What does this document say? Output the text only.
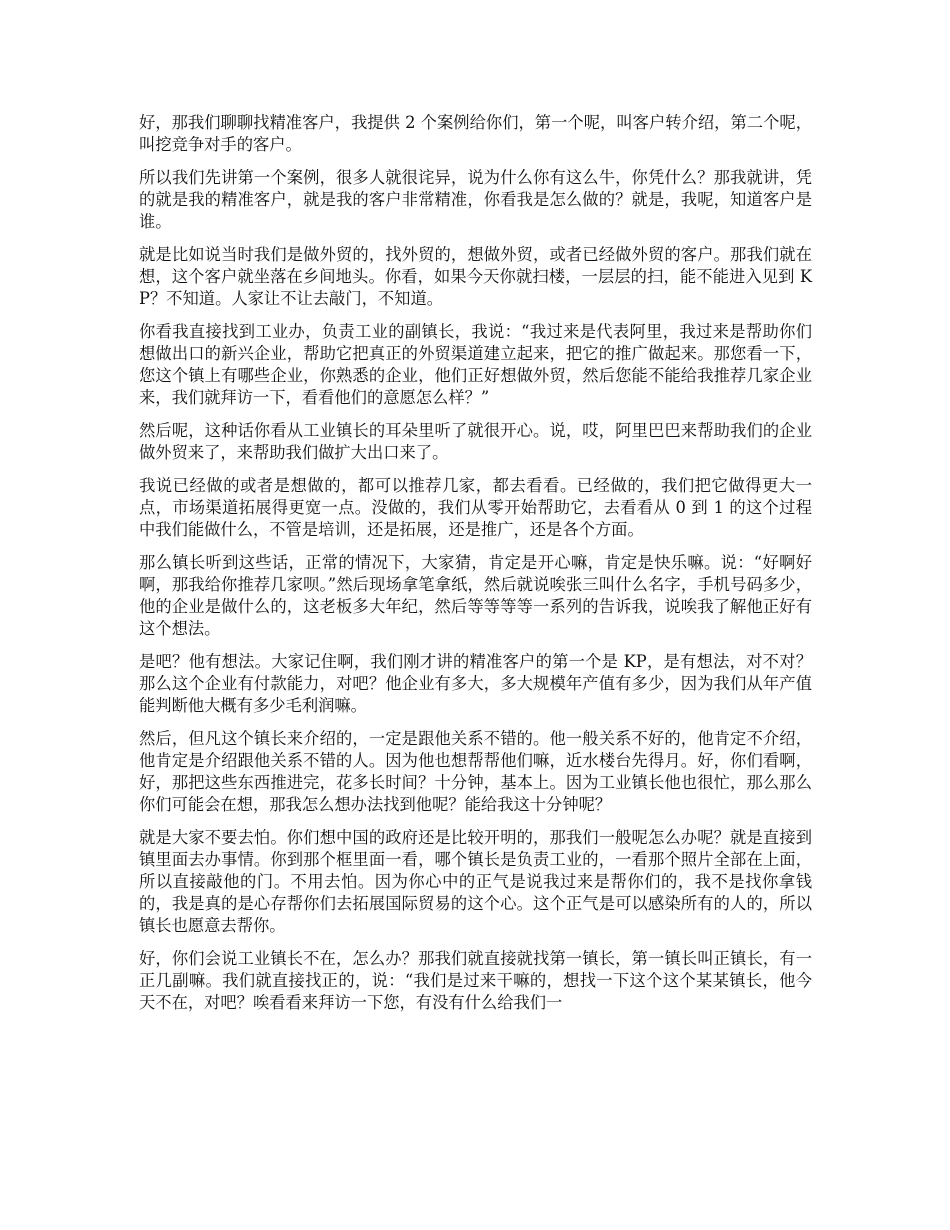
好，那我们聊聊找精准客户，我提供 2 个案例给你们，第一个呢，叫客户转介绍，第二个呢，叫挖竞争对手的客户。

所以我们先讲第一个案例，很多人就很诧异，说为什么你有这么牛，你凭什么？那我就讲，凭的就是我的精准客户，就是我的客户非常精准，你看我是怎么做的？就是，我呢，知道客户是谁。

就是比如说当时我们是做外贸的，找外贸的，想做外贸，或者已经做外贸的客户。那我们就在想，这个客户就坐落在乡间地头。你看，如果今天你就扫楼，一层层的扫，能不能进入见到 KP？不知道。人家让不让去敲门，不知道。

你看我直接找到工业办，负责工业的副镇长，我说：“我过来是代表阿里，我过来是帮助你们想做出口的新兴企业，帮助它把真正的外贸渠道建立起来，把它的推广做起来。那您看一下，您这个镇上有哪些企业，你熟悉的企业，他们正好想做外贸，然后您能不能给我推荐几家企业来，我们就拜访一下，看看他们的意愿怎么样？”

然后呢，这种话你看从工业镇长的耳朵里听了就很开心。说，哎，阿里巴巴来帮助我们的企业做外贸来了，来帮助我们做扩大出口来了。

我说已经做的或者是想做的，都可以推荐几家，都去看看。已经做的，我们把它做得更大一点，市场渠道拓展得更宽一点。没做的，我们从零开始帮助它，去看看从 0 到 1 的这个过程中我们能做什么，不管是培训，还是拓展，还是推广，还是各个方面。

那么镇长听到这些话，正常的情况下，大家猜，肯定是开心嘛，肯定是快乐嘛。说：“好啊好啊，那我给你推荐几家呗。”然后现场拿笔拿纸，然后就说唉张三叫什么名字，手机号码多少，他的企业是做什么的，这老板多大年纪，然后等等等等一系列的告诉我，说唉我了解他正好有这个想法。

是吧？他有想法。大家记住啊，我们刚才讲的精准客户的第一个是 KP，是有想法，对不对？那么这个企业有付款能力，对吧？他企业有多大，多大规模年产值有多少，因为我们从年产值能判断他大概有多少毛利润嘛。

然后，但凡这个镇长来介绍的，一定是跟他关系不错的。他一般关系不好的，他肯定不介绍，他肯定是介绍跟他关系不错的人。因为他也想帮帮他们嘛，近水楼台先得月。好，你们看啊，好，那把这些东西推进完，花多长时间？十分钟，基本上。因为工业镇长他也很忙，那么那么你们可能会在想，那我怎么想办法找到他呢？能给我这十分钟呢？

就是大家不要去怕。你们想中国的政府还是比较开明的，那我们一般呢怎么办呢？就是直接到镇里面去办事情。你到那个框里面一看，哪个镇长是负责工业的，一看那个照片全部在上面，所以直接敲他的门。不用去怕。因为你心中的正气是说我过来是帮你们的，我不是找你拿钱的，我是真的是心存帮你们去拓展国际贸易的这个心。这个正气是可以感染所有的人的，所以镇长也愿意去帮你。

好，你们会说工业镇长不在，怎么办？那我们就直接就找第一镇长，第一镇长叫正镇长，有一正几副嘛。我们就直接找正的，说：“我们是过来干嘛的，想找一下这个这个某某镇长，他今天不在，对吧？唉看看来拜访一下您，有没有什么给我们一
